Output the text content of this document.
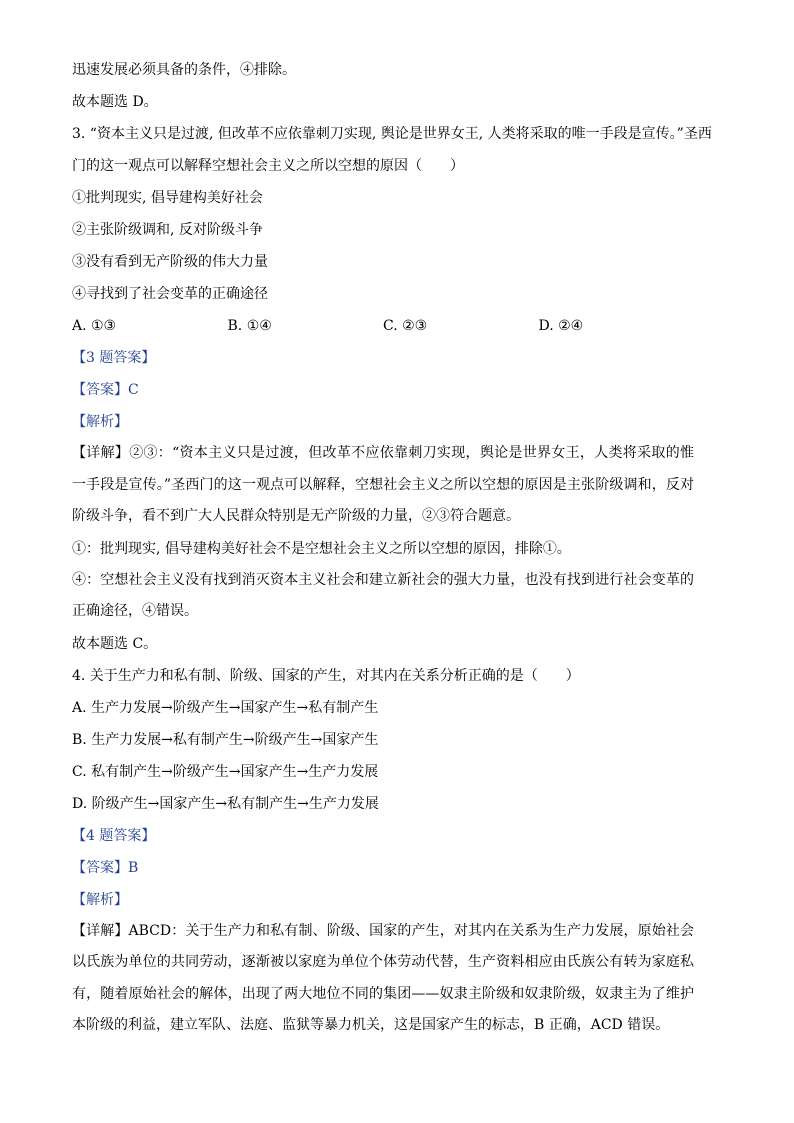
迅速发展必须具备的条件，④排除。

故本题选 D。

3. “资本主义只是过渡, 但改革不应依靠刺刀实现, 舆论是世界女王, 人类将采取的唯一手段是宣传。”圣西

门的这一观点可以解释空想社会主义之所以空想的原因（　　）

①批判现实, 倡导建构美好社会

②主张阶级调和, 反对阶级斗争

③没有看到无产阶级的伟大力量

④寻找到了社会变革的正确途径

A. ①③	B. ①④	C. ②③	D. ②④

【3 题答案】

【答案】C

【解析】

【详解】②③：“资本主义只是过渡，但改革不应依靠刺刀实现，舆论是世界女王，人类将采取的惟一手段是宣传。”圣西门的这一观点可以解释，空想社会主义之所以空想的原因是主张阶级调和，反对阶级斗争，看不到广大人民群众特别是无产阶级的力量，②③符合题意。

①：批判现实, 倡导建构美好社会不是空想社会主义之所以空想的原因，排除①。

④：空想社会主义没有找到消灭资本主义社会和建立新社会的强大力量，也没有找到进行社会变革的正确途径，④错误。

故本题选 C。

4. 关于生产力和私有制、阶级、国家的产生，对其内在关系分析正确的是（　　）

A. 生产力发展→阶级产生→国家产生→私有制产生

B. 生产力发展→私有制产生→阶级产生→国家产生

C. 私有制产生→阶级产生→国家产生→生产力发展

D. 阶级产生→国家产生→私有制产生→生产力发展

【4 题答案】

【答案】B

【解析】

【详解】ABCD：关于生产力和私有制、阶级、国家的产生，对其内在关系为生产力发展，原始社会以氏族为单位的共同劳动，逐渐被以家庭为单位个体劳动代替，生产资料相应由氏族公有转为家庭私有，随着原始社会的解体，出现了两大地位不同的集团——奴隶主阶级和奴隶阶级，奴隶主为了维护本阶级的利益，建立军队、法庭、监狱等暴力机关，这是国家产生的标志，B 正确，ACD 错误。
